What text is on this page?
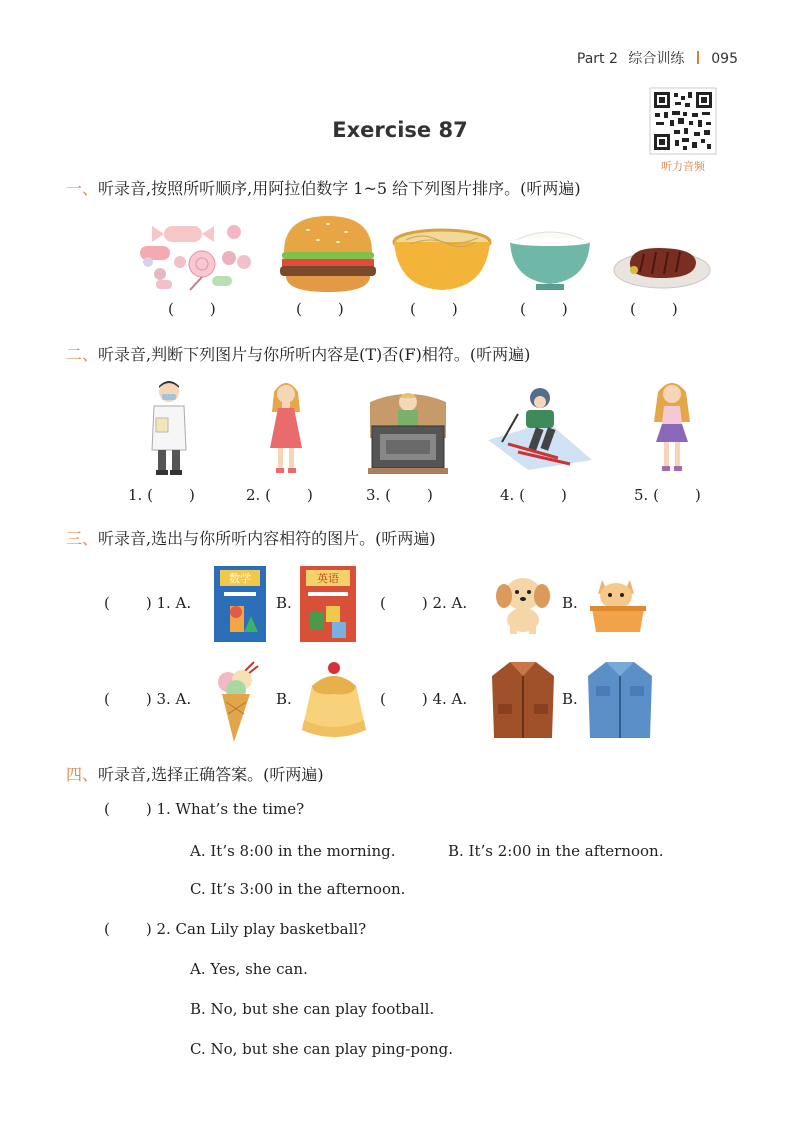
Part 2 综合训练 095
听力音频
Exercise 87
一、听录音,按照所听顺序,用阿拉伯数字 1~5 给下列图片排序。(听两遍)
( )	( )	( )	( )	( )
二、听录音,判断下列图片与你所听内容是(T)否(F)相符。(听两遍)
1. ( )	2. ( )	3. ( )	4. ( )	5. ( )
三、听录音,选出与你所听内容相符的图片。(听两遍)
( ) 1. A.
数学
B.
英语
( ) 2. A.	B.
( ) 3. A.	B.	( ) 4. A.	B.
四、听录音,选择正确答案。(听两遍)
( ) 1. What’s the time?
A. It’s 8:00 in the morning.	B. It’s 2:00 in the afternoon.
C. It’s 3:00 in the afternoon.
( ) 2. Can Lily play basketball?
A. Yes, she can.
B. No, but she can play football.
C. No, but she can play ping-pong.
